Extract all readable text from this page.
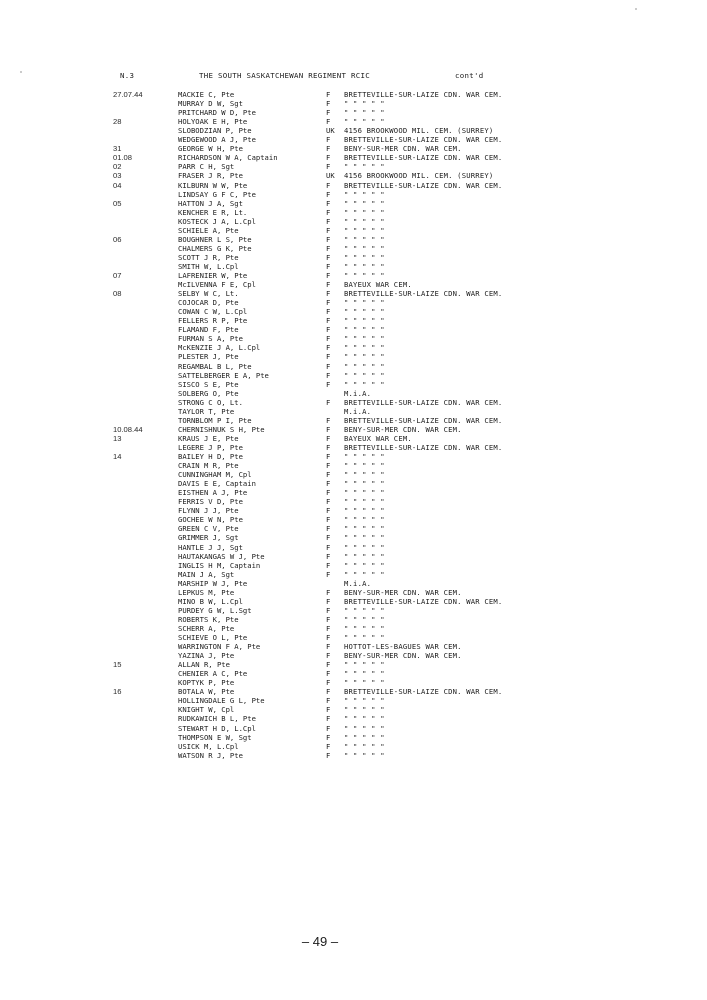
N.3	THE SOUTH SASKATCHEWAN REGIMENT RCIC	cont'd
27.07.44	MACKIE C, Pte	F BRETTEVILLE-SUR-LAIZE CDN. WAR CEM.
MURRAY D W, Sgt	F " " " " "
PRITCHARD W D, Pte	F " " " " "
28	HOLYOAK E H, Pte	F " " " " "
SLOBODZIAN P, Pte	UK 4156 BROOKWOOD MIL. CEM. (SURREY)
WEDGEWOOD A J, Pte	F BRETTEVILLE-SUR-LAIZE CDN. WAR CEM.
31	GEORGE W H, Pte	F BENY-SUR-MER CDN. WAR CEM.
01.08	RICHARDSON W A, Captain	F BRETTEVILLE-SUR-LAIZE CDN. WAR CEM.
02	PARR C H, Sgt	F " " " " "
03	FRASER J R, Pte	UK 4156 BROOKWOOD MIL. CEM. (SURREY)
04	KILBURN W W, Pte	F BRETTEVILLE-SUR-LAIZE CDN. WAR CEM.
LINDSAY G F C, Pte	F " " " " "
05	HATTON J A, Sgt	F " " " " "
KENCHER E R, Lt.	F " " " " "
KOSTECK J A, L.Cpl	F " " " " "
SCHIELE A, Pte	F " " " " "
06	BOUGHNER L S, Pte	F " " " " "
CHALMERS G K, Pte	F " " " " "
SCOTT J R, Pte	F " " " " "
SMITH W, L.Cpl	F " " " " "
07	LAFRENIER W, Pte	F " " " " "
McILVENNA F E, Cpl	F BAYEUX WAR CEM.
08	SELBY W C, Lt.	F BRETTEVILLE-SUR-LAIZE CDN. WAR CEM.
COJOCAR D, Pte	F " " " " "
COWAN C W, L.Cpl	F " " " " "
FELLERS R P, Pte	F " " " " "
FLAMAND F, Pte	F " " " " "
FURMAN S A, Pte	F " " " " "
McKENZIE J A, L.Cpl	F " " " " "
PLESTER J, Pte	F " " " " "
REGAMBAL B L, Pte	F " " " " "
SATTELBERGER E A, Pte	F " " " " "
SISCO S E, Pte	F " " " " "
SOLBERG O, Pte	M.i.A.
STRONG C O, Lt.	F BRETTEVILLE-SUR-LAIZE CDN. WAR CEM.
TAYLOR T, Pte	M.i.A.
TORNBLOM P I, Pte	F BRETTEVILLE-SUR-LAIZE CDN. WAR CEM.
10.08.44	CHERNISHNUK S H, Pte	F BENY-SUR-MER CDN. WAR CEM.
13	KRAUS J E, Pte	F BAYEUX WAR CEM.
LEGERE J P, Pte	F BRETTEVILLE-SUR-LAIZE CDN. WAR CEM.
14	BAILEY H D, Pte	F " " " " "
CRAIN M R, Pte	F " " " " "
CUNNINGHAM M, Cpl	F " " " " "
DAVIS E E, Captain	F " " " " "
EISTHEN A J, Pte	F " " " " "
FERRIS V D, Pte	F " " " " "
FLYNN J J, Pte	F " " " " "
GOCHEE W N, Pte	F " " " " "
GREEN C V, Pte	F " " " " "
GRIMMER J, Sgt	F " " " " "
HANTLE J J, Sgt	F " " " " "
HAUTAKANGAS W J, Pte	F " " " " "
INGLIS H M, Captain	F " " " " "
MAIN J A, Sgt	F " " " " "
MARSHIP W J, Pte	M.i.A.
LEPKUS M, Pte	F BENY-SUR-MER CDN. WAR CEM.
MINO B W, L.Cpl	F BRETTEVILLE-SUR-LAIZE CDN. WAR CEM.
PURDEY G W, L.Sgt	F " " " " "
ROBERTS K, Pte	F " " " " "
SCHERR A, Pte	F " " " " "
SCHIEVE O L, Pte	F " " " " "
WARRINGTON F A, Pte	F HOTTOT-LES-BAGUES WAR CEM.
YAZINA J, Pte	F BENY-SUR-MER CDN. WAR CEM.
15	ALLAN R, Pte	F " " " " "
CHENIER A C, Pte	F " " " " "
KOPTYK P, Pte	F " " " " "
16	BOTALA W, Pte	F BRETTEVILLE-SUR-LAIZE CDN. WAR CEM.
HOLLINGDALE G L, Pte	F " " " " "
KNIGHT W, Cpl	F " " " " "
RUDKAWICH B L, Pte	F " " " " "
STEWART H D, L.Cpl	F " " " " "
THOMPSON E W, Sgt	F " " " " "
USICK M, L.Cpl	F " " " " "
WATSON R J, Pte	F " " " " "
– 49 –
